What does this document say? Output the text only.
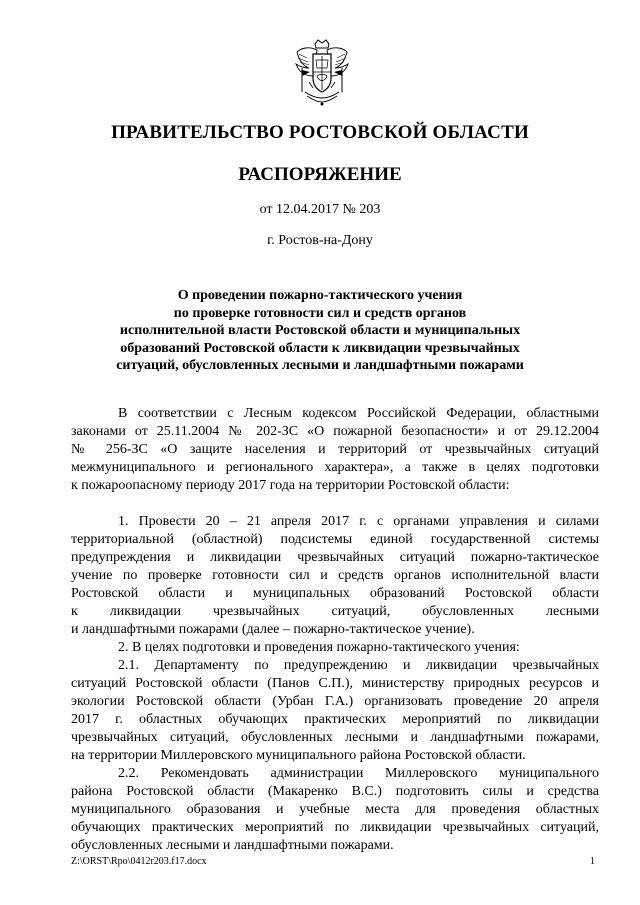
ПРАВИТЕЛЬСТВО РОСТОВСКОЙ ОБЛАСТИ
РАСПОРЯЖЕНИЕ
от 12.04.2017 № 203
г. Ростов-на-Дону
О проведении пожарно-тактического учения
по проверке готовности сил и средств органов
исполнительной власти Ростовской области и муниципальных
образований Ростовской области к ликвидации чрезвычайных
ситуаций, обусловленных лесными и ландшафтными пожарами
В соответствии с Лесным кодексом Российской Федерации, областными
законами от 25.11.2004 № 202-ЗС «О пожарной безопасности» и от 29.12.2004
№ 256-ЗС «О защите населения и территорий от чрезвычайных ситуаций
межмуниципального и регионального характера», а также в целях подготовки
к пожароопасному периоду 2017 года на территории Ростовской области:
1. Провести 20 – 21 апреля 2017 г. с органами управления и силами
территориальной (областной) подсистемы единой государственной системы
предупреждения и ликвидации чрезвычайных ситуаций пожарно-тактическое
учение по проверке готовности сил и средств органов исполнительной власти
Ростовской области и муниципальных образований Ростовской области
к ликвидации чрезвычайных ситуаций, обусловленных лесными
и ландшафтными пожарами (далее – пожарно-тактическое учение).
2. В целях подготовки и проведения пожарно-тактического учения:
2.1. Департаменту по предупреждению и ликвидации чрезвычайных
ситуаций Ростовской области (Панов С.П.), министерству природных ресурсов и
экологии Ростовской области (Урбан Г.А.) организовать проведение 20 апреля
2017 г. областных обучающих практических мероприятий по ликвидации
чрезвычайных ситуаций, обусловленных лесными и ландшафтными пожарами,
на территории Миллеровского муниципального района Ростовской области.
2.2. Рекомендовать администрации Миллеровского муниципального
района Ростовской области (Макаренко В.С.) подготовить силы и средства
муниципального образования и учебные места для проведения областных
обучающих практических мероприятий по ликвидации чрезвычайных ситуаций,
обусловленных лесными и ландшафтными пожарами.
Z:\ORST\Rpo\0412r203.f17.docx	1
